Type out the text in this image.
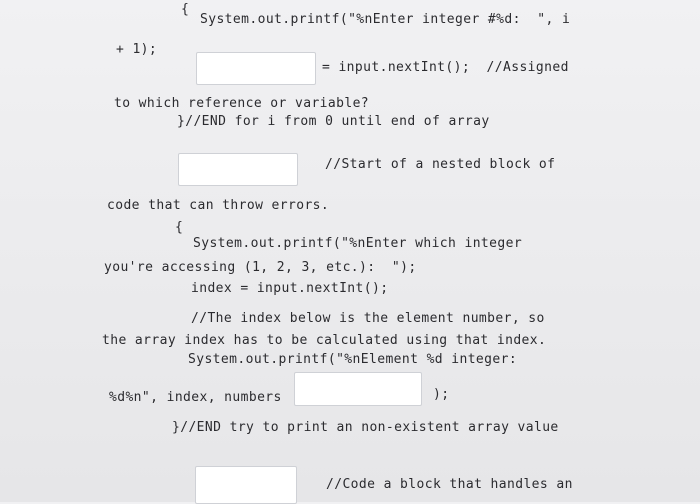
{
System.out.printf("%nEnter integer #%d:  ", i
+ 1);
= input.nextInt();  //Assigned
to which reference or variable?
}//END for i from 0 until end of array
//Start of a nested block of
code that can throw errors.
{
System.out.printf("%nEnter which integer
you're accessing (1, 2, 3, etc.):  ");
index = input.nextInt();
//The index below is the element number, so
the array index has to be calculated using that index.
System.out.printf("%nElement %d integer:
%d%n", index, numbers	);
}//END try to print an non-existent array value
//Code a block that handles an
